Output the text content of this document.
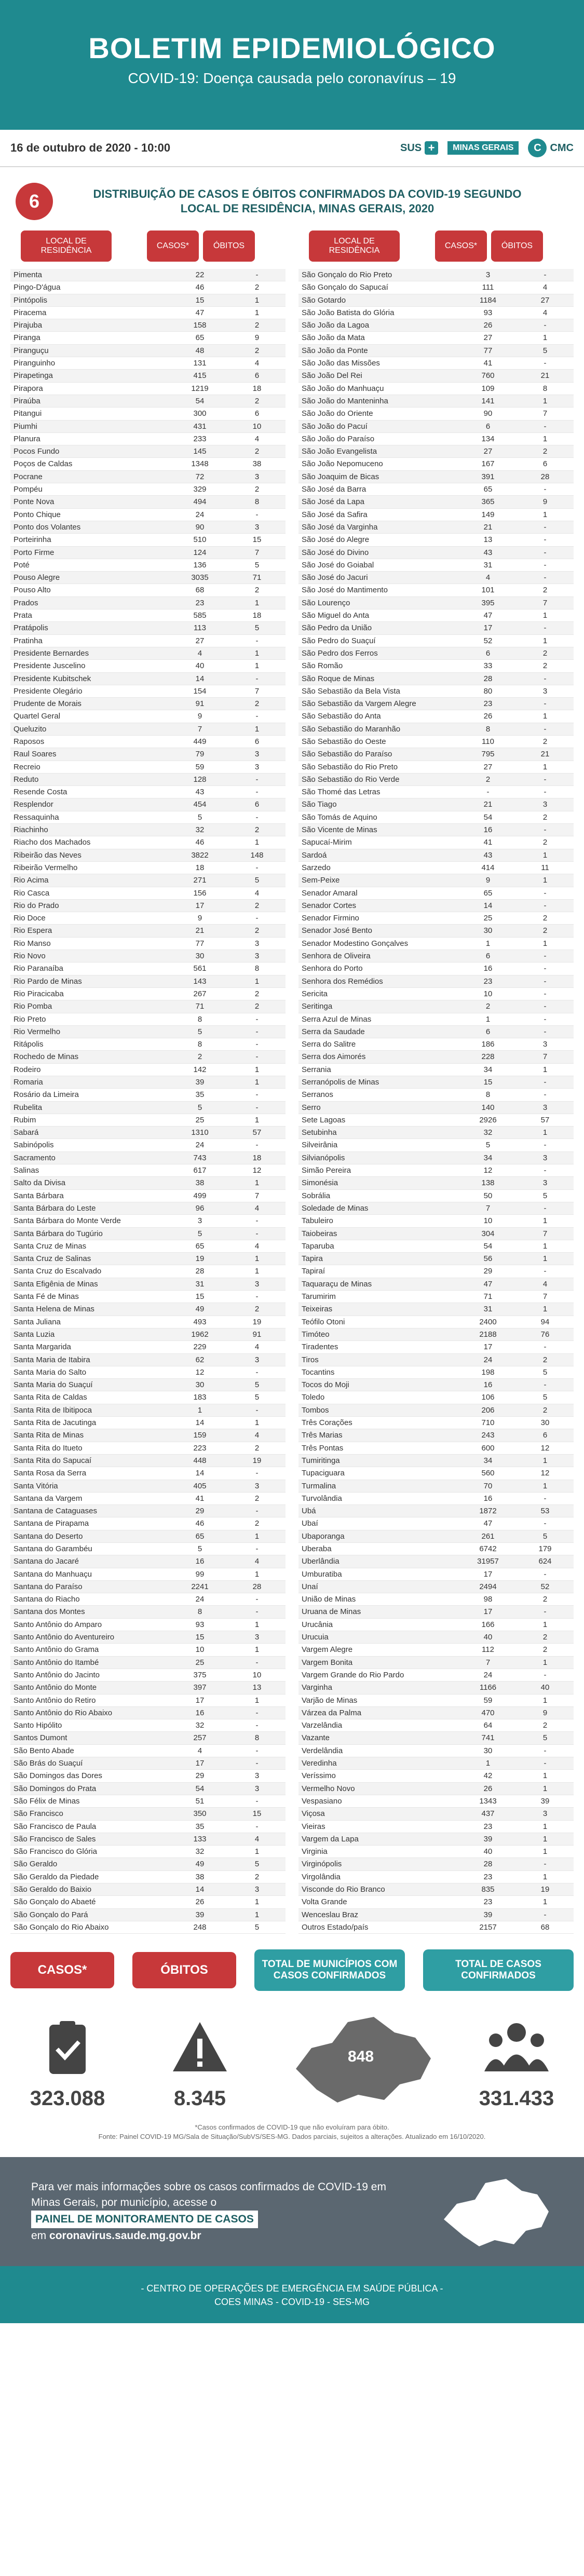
BOLETIM EPIDEMIOLÓGICO
COVID-19: Doença causada pelo coronavírus – 19
16 de outubro de 2020 - 10:00	SUS +	MINAS GERAIS	C CMC
6	DISTRIBUIÇÃO DE CASOS E ÓBITOS CONFIRMADOS DA COVID-19 SEGUNDO LOCAL DE RESIDÊNCIA, MINAS GERAIS, 2020
LOCAL DE RESIDÊNCIA
CASOS*	ÓBITOS
Pimenta	22	-
Pingo-D'água	46	2
Pintópolis	15	1
Piracema	47	1
Pirajuba	158	2
Piranga	65	9
Piranguçu	48	2
Piranguinho	131	4
Pirapetinga	415	6
Pirapora	1219	18
Piraúba	54	2
Pitangui	300	6
Piumhi	431	10
Planura	233	4
Pocos Fundo	145	2
Poços de Caldas	1348	38
Pocrane	72	3
Pompéu	329	2
Ponte Nova	494	8
Ponto Chique	24	-
Ponto dos Volantes	90	3
Porteirinha	510	15
Porto Firme	124	7
Poté	136	5
Pouso Alegre	3035	71
Pouso Alto	68	2
Prados	23	1
Prata	585	18
Pratápolis	113	5
Pratinha	27	-
Presidente Bernardes	4	1
Presidente Juscelino	40	1
Presidente Kubitschek	14	-
Presidente Olegário	154	7
Prudente de Morais	91	2
Quartel Geral	9	-
Queluzito	7	1
Raposos	449	6
Raul Soares	79	3
Recreio	59	3
Reduto	128	-
Resende Costa	43	-
Resplendor	454	6
Ressaquinha	5	-
Riachinho	32	2
Riacho dos Machados	46	1
Ribeirão das Neves	3822	148
Ribeirão Vermelho	18	-
Rio Acima	271	5
Rio Casca	156	4
Rio do Prado	17	2
Rio Doce	9	-
Rio Espera	21	2
Rio Manso	77	3
Rio Novo	30	3
Rio Paranaíba	561	8
Rio Pardo de Minas	143	1
Rio Piracicaba	267	2
Rio Pomba	71	2
Rio Preto	8	-
Rio Vermelho	5	-
Ritápolis	8	-
Rochedo de Minas	2	-
Rodeiro	142	1
Romaria	39	1
Rosário da Limeira	35	-
Rubelita	5	-
Rubim	25	1
Sabará	1310	57
Sabinópolis	24	-
Sacramento	743	18
Salinas	617	12
Salto da Divisa	38	1
Santa Bárbara	499	7
Santa Bárbara do Leste	96	4
Santa Bárbara do Monte Verde	3	-
Santa Bárbara do Tugúrio	5	-
Santa Cruz de Minas	65	4
Santa Cruz de Salinas	19	1
Santa Cruz do Escalvado	28	1
Santa Efigênia de Minas	31	3
Santa Fé de Minas	15	-
Santa Helena de Minas	49	2
Santa Juliana	493	19
Santa Luzia	1962	91
Santa Margarida	229	4
Santa Maria de Itabira	62	3
Santa Maria do Salto	12	-
Santa Maria do Suaçuí	30	5
Santa Rita de Caldas	183	5
Santa Rita de Ibitipoca	1	-
Santa Rita de Jacutinga	14	1
Santa Rita de Minas	159	4
Santa Rita do Itueto	223	2
Santa Rita do Sapucaí	448	19
Santa Rosa da Serra	14	-
Santa Vitória	405	3
Santana da Vargem	41	2
Santana de Cataguases	29	-
Santana de Pirapama	46	2
Santana do Deserto	65	1
Santana do Garambéu	5	-
Santana do Jacaré	16	4
Santana do Manhuaçu	99	1
Santana do Paraíso	2241	28
Santana do Riacho	24	-
Santana dos Montes	8	-
Santo Antônio do Amparo	93	1
Santo Antônio do Aventureiro	15	3
Santo Antônio do Grama	10	1
Santo Antônio do Itambé	25	-
Santo Antônio do Jacinto	375	10
Santo Antônio do Monte	397	13
Santo Antônio do Retiro	17	1
Santo Antônio do Rio Abaixo	16	-
Santo Hipólito	32	-
Santos Dumont	257	8
São Bento Abade	4	-
São Brás do Suaçuí	17	-
São Domingos das Dores	29	3
São Domingos do Prata	54	3
São Félix de Minas	51	-
São Francisco	350	15
São Francisco de Paula	35	-
São Francisco de Sales	133	4
São Francisco do Glória	32	1
São Geraldo	49	5
São Geraldo da Piedade	38	2
São Geraldo do Baixio	14	3
São Gonçalo do Abaeté	26	1
São Gonçalo do Pará	39	1
São Gonçalo do Rio Abaixo	248	5
LOCAL DE RESIDÊNCIA
CASOS*	ÓBITOS
São Gonçalo do Rio Preto	3	-
São Gonçalo do Sapucaí	111	4
São Gotardo	1184	27
São João Batista do Glória	93	4
São João da Lagoa	26	-
São João da Mata	27	1
São João da Ponte	77	5
São João das Missões	41	-
São João Del Rei	760	21
São João do Manhuaçu	109	8
São João do Manteninha	141	1
São João do Oriente	90	7
São João do Pacuí	6	-
São João do Paraíso	134	1
São João Evangelista	27	2
São João Nepomuceno	167	6
São Joaquim de Bicas	391	28
São José da Barra	65	-
São José da Lapa	365	9
São José da Safira	149	1
São José da Varginha	21	-
São José do Alegre	13	-
São José do Divino	43	-
São José do Goiabal	31	-
São José do Jacuri	4	-
São José do Mantimento	101	2
São Lourenço	395	7
São Miguel do Anta	47	1
São Pedro da União	17	-
São Pedro do Suaçuí	52	1
São Pedro dos Ferros	6	2
São Romão	33	2
São Roque de Minas	28	-
São Sebastião da Bela Vista	80	3
São Sebastião da Vargem Alegre	23	-
São Sebastião do Anta	26	1
São Sebastião do Maranhão	8	-
São Sebastião do Oeste	110	2
São Sebastião do Paraíso	795	21
São Sebastião do Rio Preto	27	1
São Sebastião do Rio Verde	2	-
São Thomé das Letras	-	-
São Tiago	21	3
São Tomás de Aquino	54	2
São Vicente de Minas	16	-
Sapucaí-Mirim	41	2
Sardoá	43	1
Sarzedo	414	11
Sem-Peixe	9	1
Senador Amaral	65	-
Senador Cortes	14	-
Senador Firmino	25	2
Senador José Bento	30	2
Senador Modestino Gonçalves	1	1
Senhora de Oliveira	6	-
Senhora do Porto	16	-
Senhora dos Remédios	23	-
Sericita	10	-
Seritinga	2	-
Serra Azul de Minas	1	-
Serra da Saudade	6	-
Serra do Salitre	186	3
Serra dos Aimorés	228	7
Serrania	34	1
Serranópolis de Minas	15	-
Serranos	8	-
Serro	140	3
Sete Lagoas	2926	57
Setubinha	32	1
Silveirânia	5	-
Silvianópolis	34	3
Simão Pereira	12	-
Simonésia	138	3
Sobrália	50	5
Soledade de Minas	7	-
Tabuleiro	10	1
Taiobeiras	304	7
Taparuba	54	1
Tapira	56	1
Tapiraí	29	-
Taquaraçu de Minas	47	4
Tarumirim	71	7
Teixeiras	31	1
Teófilo Otoni	2400	94
Timóteo	2188	76
Tiradentes	17	-
Tiros	24	2
Tocantins	198	5
Tocos do Moji	16	-
Toledo	106	5
Tombos	206	2
Três Corações	710	30
Três Marias	243	6
Três Pontas	600	12
Tumiritinga	34	1
Tupaciguara	560	12
Turmalina	70	1
Turvolândia	16	-
Ubá	1872	53
Ubaí	47	-
Ubaporanga	261	5
Uberaba	6742	179
Uberlândia	31957	624
Umburatiba	17	-
Unaí	2494	52
União de Minas	98	2
Uruana de Minas	17	-
Urucânia	166	1
Urucuia	40	2
Vargem Alegre	112	2
Vargem Bonita	7	1
Vargem Grande do Rio Pardo	24	-
Varginha	1166	40
Varjão de Minas	59	1
Várzea da Palma	470	9
Varzelândia	64	2
Vazante	741	5
Verdelândia	30	-
Veredinha	1	-
Veríssimo	42	1
Vermelho Novo	26	1
Vespasiano	1343	39
Viçosa	437	3
Vieiras	23	1
Vargem da Lapa	39	1
Virginia	40	1
Virginópolis	28	-
Virgolândia	23	1
Visconde do Rio Branco	835	19
Volta Grande	23	1
Wenceslau Braz	39	-
Outros Estado/país	2157	68
CASOS*	ÓBITOS	TOTAL DE MUNICÍPIOS COM CASOS CONFIRMADOS
TOTAL DE CASOS CONFIRMADOS
323.088	8.345
848
331.433
*Casos confirmados de COVID-19 que não evoluíram para óbito.
Fonte: Painel COVID-19 MG/Sala de Situação/SubVS/SES-MG. Dados parciais, sujeitos a alterações. Atualizado em 16/10/2020.
Para ver mais informações sobre os casos confirmados de COVID-19 em Minas Gerais, por município, acesse o
PAINEL DE MONITORAMENTO DE CASOS
em coronavirus.saude.mg.gov.br
- CENTRO DE OPERAÇÕES DE EMERGÊNCIA EM SAÚDE PÚBLICA -
COES MINAS - COVID-19 - SES-MG
